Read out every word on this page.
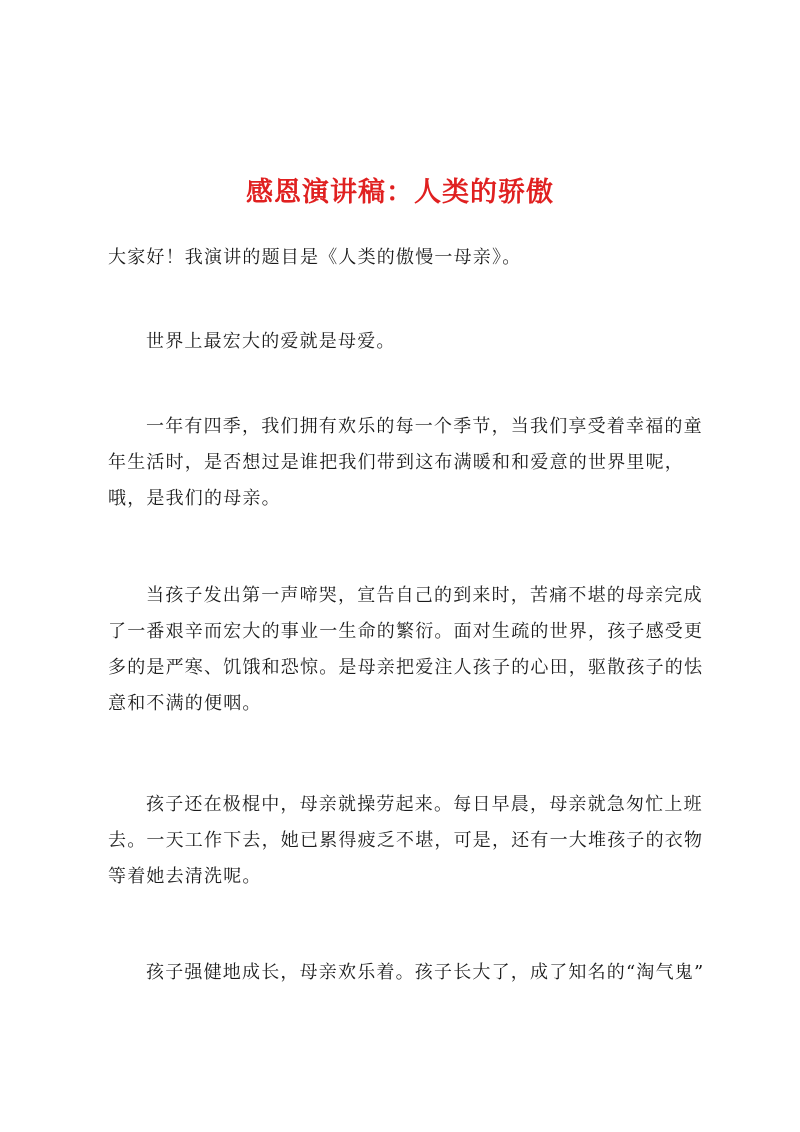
感恩演讲稿：人类的骄傲

大家好！我演讲的题目是《人类的傲慢一母亲》。

世界上最宏大的爱就是母爱。

一年有四季，我们拥有欢乐的每一个季节，当我们享受着幸福的童年生活时，是否想过是谁把我们带到这布满暖和和爱意的世界里呢，哦，是我们的母亲。

当孩子发出第一声啼哭，宣告自己的到来时，苦痛不堪的母亲完成了一番艰辛而宏大的事业一生命的繁衍。面对生疏的世界，孩子感受更多的是严寒、饥饿和恐惊。是母亲把爱注人孩子的心田，驱散孩子的怯意和不满的便咽。

孩子还在极棍中，母亲就操劳起来。每日早晨，母亲就急匆忙上班去。一天工作下去，她已累得疲乏不堪，可是，还有一大堆孩子的衣物等着她去清洗呢。

孩子强健地成长，母亲欢乐着。孩子长大了，成了知名的“淘气鬼”
